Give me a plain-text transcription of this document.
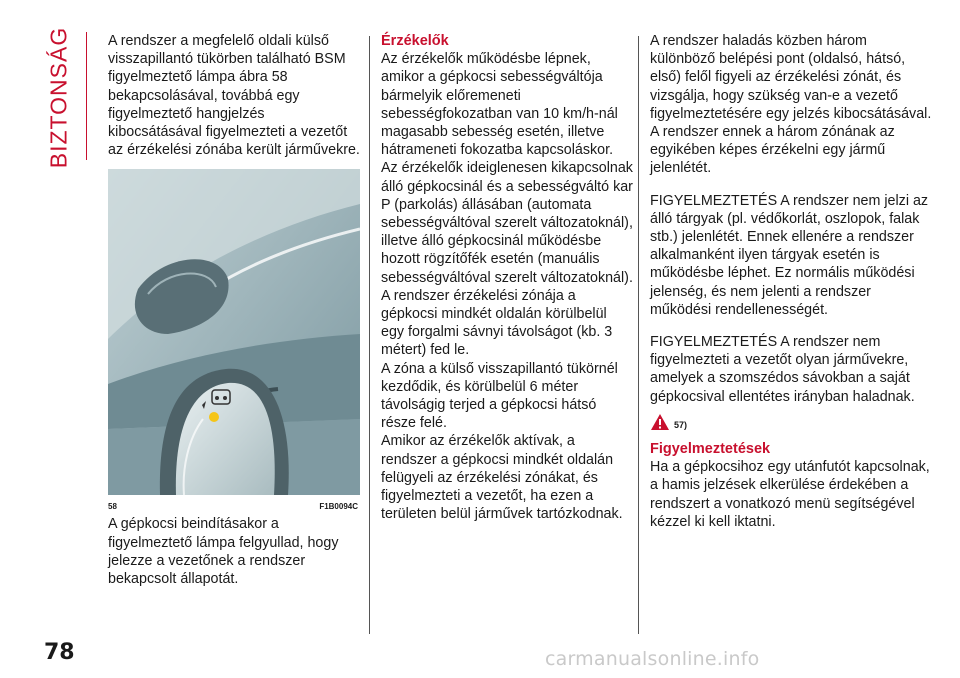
BIZTONSÁG	A rendszer a megfelelő oldali külső visszapillantó tükörben található BSM figyelmeztető lámpa ábra 58 bekapcsolásával, továbbá egy figyelmeztető hangjelzés kibocsátásával figyelmezteti a vezetőt az érzékelési zónába került járművekre.

58	F1B0094C

A gépkocsi beindításakor a figyelmeztető lámpa felgyullad, hogy jelezze a vezetőnek a rendszer bekapcsolt állapotát.

Érzékelők

Az érzékelők működésbe lépnek, amikor a gépkocsi sebességváltója bármelyik előremeneti sebességfokozatban van 10 km/h-nál magasabb sebesség esetén, illetve hátrameneti fokozatba kapcsoláskor.

Az érzékelők ideiglenesen kikapcsolnak álló gépkocsinál és a sebességváltó kar P (parkolás) állásában (automata sebességváltóval szerelt változatoknál), illetve álló gépkocsinál működésbe hozott rögzítőfék esetén (manuális sebességváltóval szerelt változatoknál).

A rendszer érzékelési zónája a gépkocsi mindkét oldalán körülbelül egy forgalmi sávnyi távolságot (kb. 3 métert) fed le.

A zóna a külső visszapillantó tükörnél kezdődik, és körülbelül 6 méter távolságig terjed a gépkocsi hátsó része felé.

Amikor az érzékelők aktívak, a rendszer a gépkocsi mindkét oldalán felügyeli az érzékelési zónákat, és figyelmezteti a vezetőt, ha ezen a területen belül járművek tartózkodnak.

A rendszer haladás közben három különböző belépési pont (oldalsó, hátsó, első) felől figyeli az érzékelési zónát, és vizsgálja, hogy szükség van-e a vezető figyelmeztetésére egy jelzés kibocsátásával. A rendszer ennek a három zónának az egyikében képes érzékelni egy jármű jelenlétét.

FIGYELMEZTETÉS A rendszer nem jelzi az álló tárgyak (pl. védőkorlát, oszlopok, falak stb.) jelenlétét. Ennek ellenére a rendszer alkalmanként ilyen tárgyak esetén is működésbe léphet. Ez normális működési jelenség, és nem jelenti a rendszer működési rendellenességét.

FIGYELMEZTETÉS A rendszer nem figyelmezteti a vezetőt olyan járművekre, amelyek a szomszédos sávokban a saját gépkocsival ellentétes irányban haladnak.

57)

Figyelmeztetések

Ha a gépkocsihoz egy utánfutót kapcsolnak, a hamis jelzések elkerülése érdekében a rendszert a vonatkozó menü segítségével kézzel ki kell iktatni.

78	carmanualsonline.info
